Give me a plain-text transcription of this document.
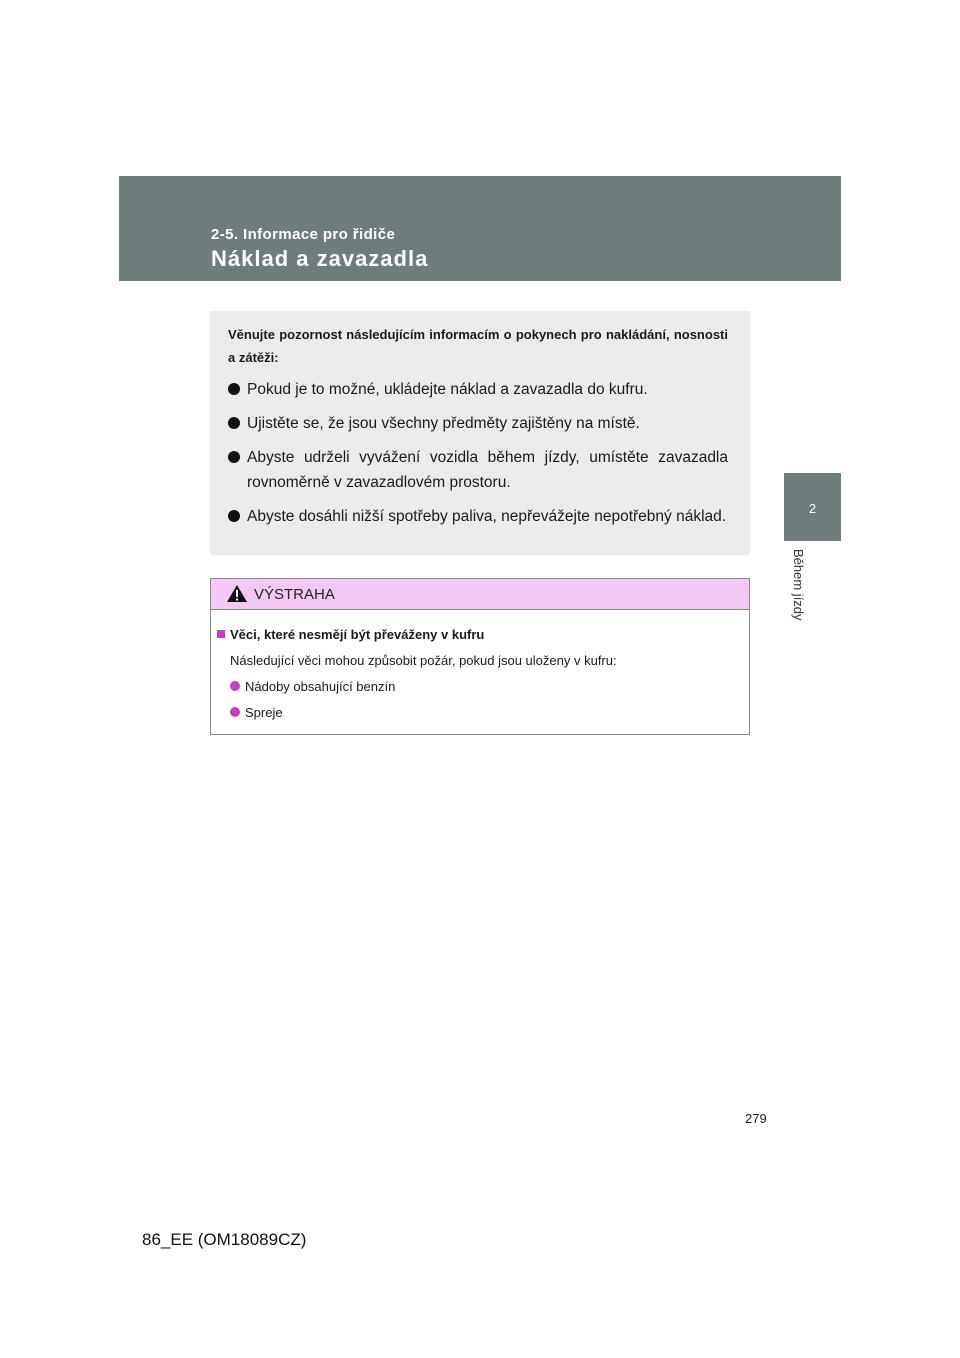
2-5. Informace pro řidiče
Náklad a zavazadla
2
Během jízdy

Věnujte pozornost následujícím informacím o pokynech pro nakládání, nosnosti a zátěži:

Pokud je to možné, ukládejte náklad a zavazadla do kufru.
Ujistěte se, že jsou všechny předměty zajištěny na místě.
Abyste udrželi vyvážení vozidla během jízdy, umístěte zavazadla rovnoměrně v zavazadlovém prostoru.
Abyste dosáhli nižší spotřeby paliva, nepřevážejte nepotřebný náklad.
VÝSTRAHA
Věci, které nesmějí být převáženy v kufru
Následující věci mohou způsobit požár, pokud jsou uloženy v kufru:
Nádoby obsahující benzín
Spreje
279
86_EE (OM18089CZ)
